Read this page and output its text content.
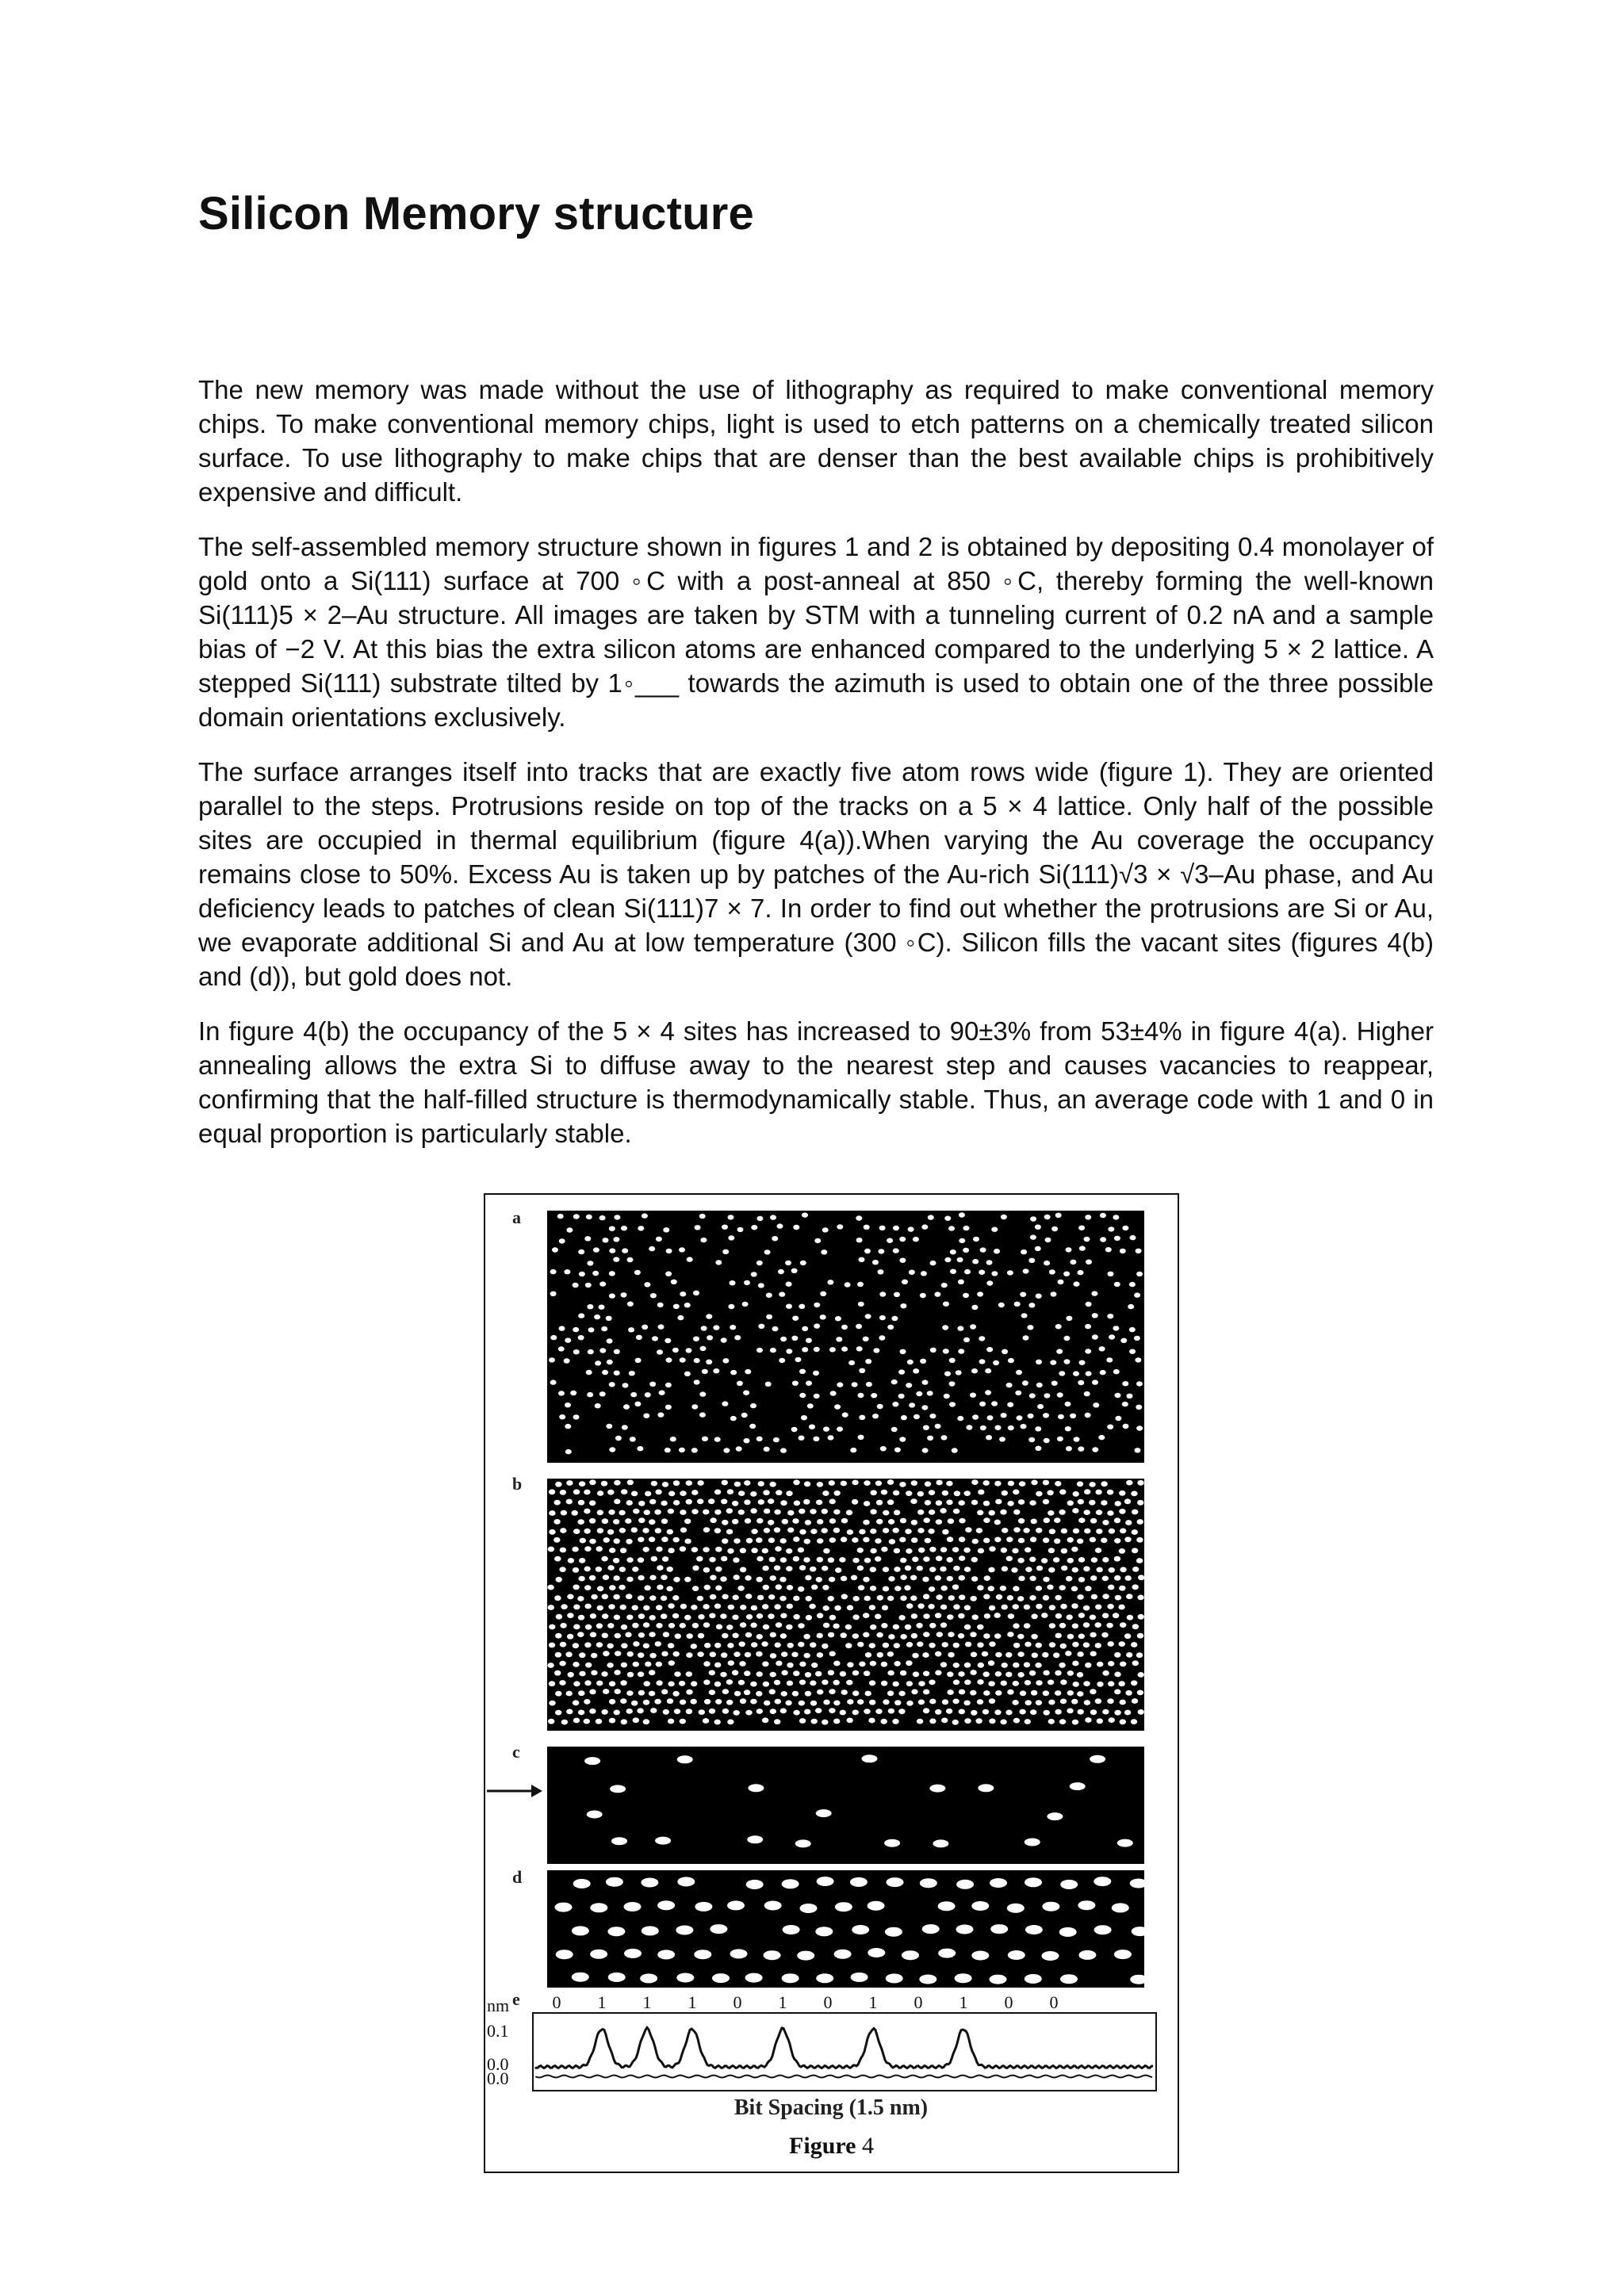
Silicon Memory structure

The new memory was made without the use of lithography as required to make conventional memory chips. To make conventional memory chips, light is used to etch patterns on a chemically treated silicon surface. To use lithography to make chips that are denser than the best available chips is prohibitively expensive and difficult.

The self-assembled memory structure shown in figures 1 and 2 is obtained by depositing 0.4 monolayer of gold onto a Si(111) surface at 700 ◦C with a post-anneal at 850 ◦C, thereby forming the well-known Si(111)5 × 2–Au structure. All images are taken by STM with a tunneling current of 0.2 nA and a sample bias of −2 V. At this bias the extra silicon atoms are enhanced compared to the underlying 5 × 2 lattice. A stepped Si(111) substrate tilted by 1◦___ towards the azimuth is used to obtain one of the three possible domain orientations exclusively.

The surface arranges itself into tracks that are exactly five atom rows wide (figure 1). They are oriented parallel to the steps. Protrusions reside on top of the tracks on a 5 × 4 lattice. Only half of the possible sites are occupied in thermal equilibrium (figure 4(a)).When varying the Au coverage the occupancy remains close to 50%. Excess Au is taken up by patches of the Au-rich Si(111)√3 × √3–Au phase, and Au deficiency leads to patches of clean Si(111)7 × 7. In order to find out whether the protrusions are Si or Au, we evaporate additional Si and Au at low temperature (300 ◦C). Silicon fills the vacant sites (figures 4(b) and (d)), but gold does not.

In figure 4(b) the occupancy of the 5 × 4 sites has increased to 90±3% from 53±4% in figure 4(a). Higher annealing allows the extra Si to diffuse away to the nearest step and causes vacancies to reappear, confirming that the half-filled structure is thermodynamically stable. Thus, an average code with 1 and 0 in equal proportion is particularly stable.

a
b
c
d
e
nm
0.1
0.0
0.0
0 1 1 1 0 1 0 1 0 1 0 0
Bit Spacing (1.5 nm)
Figure 4
